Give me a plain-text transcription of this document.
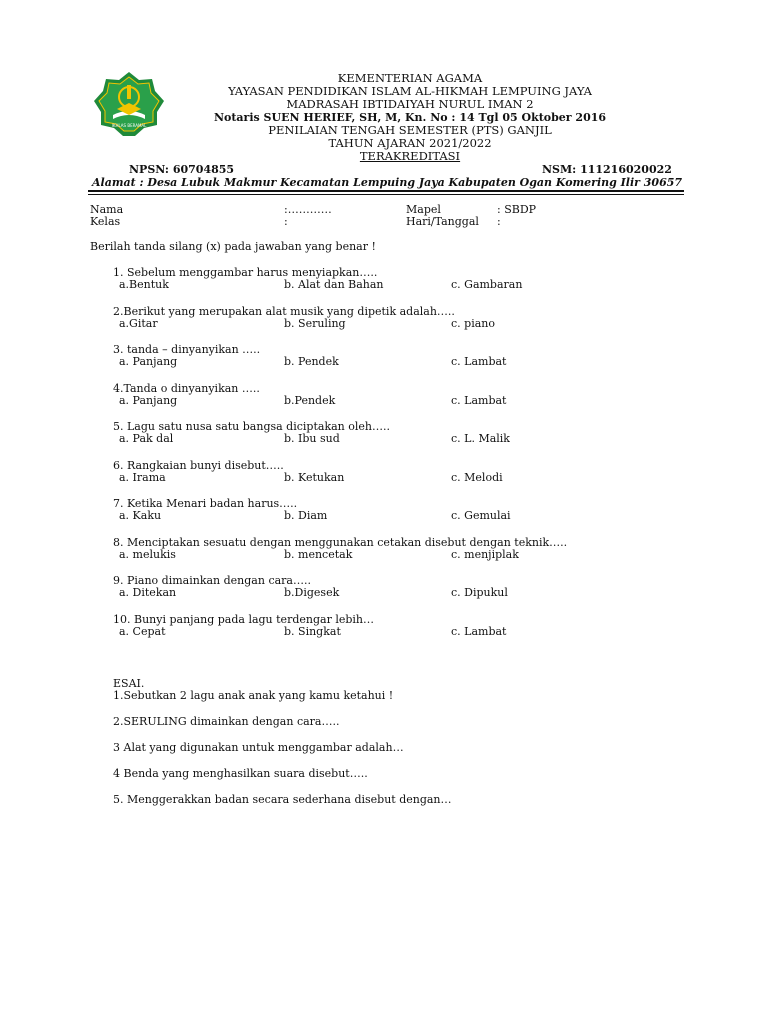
IKHLAS BERAMAL
KEMENTERIAN AGAMA
YAYASAN PENDIDIKAN ISLAM AL-HIKMAH LEMPUING JAYA
MADRASAH IBTIDAIYAH NURUL IMAN 2
Notaris SUEN HERIEF, SH, M, Kn. No : 14 Tgl 05 Oktober 2016
PENILAIAN TENGAH SEMESTER (PTS) GANJIL
TAHUN AJARAN 2021/2022
TERAKREDITASI
NPSN: 60704855	NSM: 111216020022
Alamat : Desa Lubuk Makmur Kecamatan Lempuing Jaya Kabupaten Ogan Komering Ilir 30657
Nama	:…………	Mapel	: SBDP
Kelas	:	Hari/Tanggal :
Berilah tanda silang (x) pada jawaban yang benar !
1. Sebelum menggambar harus menyiapkan…..
a.Bentuk	b. Alat dan Bahan	c. Gambaran
2.Berikut yang merupakan alat musik yang dipetik adalah…..
a.Gitar	b. Seruling	c. piano
3. tanda – dinyanyikan …..
a. Panjang	b. Pendek	c. Lambat
4.Tanda o dinyanyikan …..
a. Panjang	b.Pendek	c. Lambat
5. Lagu satu nusa satu bangsa diciptakan oleh…..
a. Pak dal	b. Ibu sud	c. L. Malik
6. Rangkaian bunyi disebut…..
a. Irama	b. Ketukan	c. Melodi
7. Ketika Menari badan harus…..
a. Kaku	b. Diam	c. Gemulai
8. Menciptakan sesuatu dengan menggunakan cetakan disebut dengan teknik…..
a. melukis	b. mencetak	c. menjiplak
9. Piano dimainkan dengan cara…..
a. Ditekan	b.Digesek	c. Dipukul
10. Bunyi panjang pada lagu terdengar lebih…
a. Cepat	b. Singkat	c. Lambat
ESAI.
1.Sebutkan 2 lagu anak anak yang kamu ketahui !
2.SERULING dimainkan dengan cara…..
3 Alat yang digunakan untuk menggambar adalah…
4 Benda yang menghasilkan suara disebut…..
5. Menggerakkan badan secara sederhana disebut dengan…
